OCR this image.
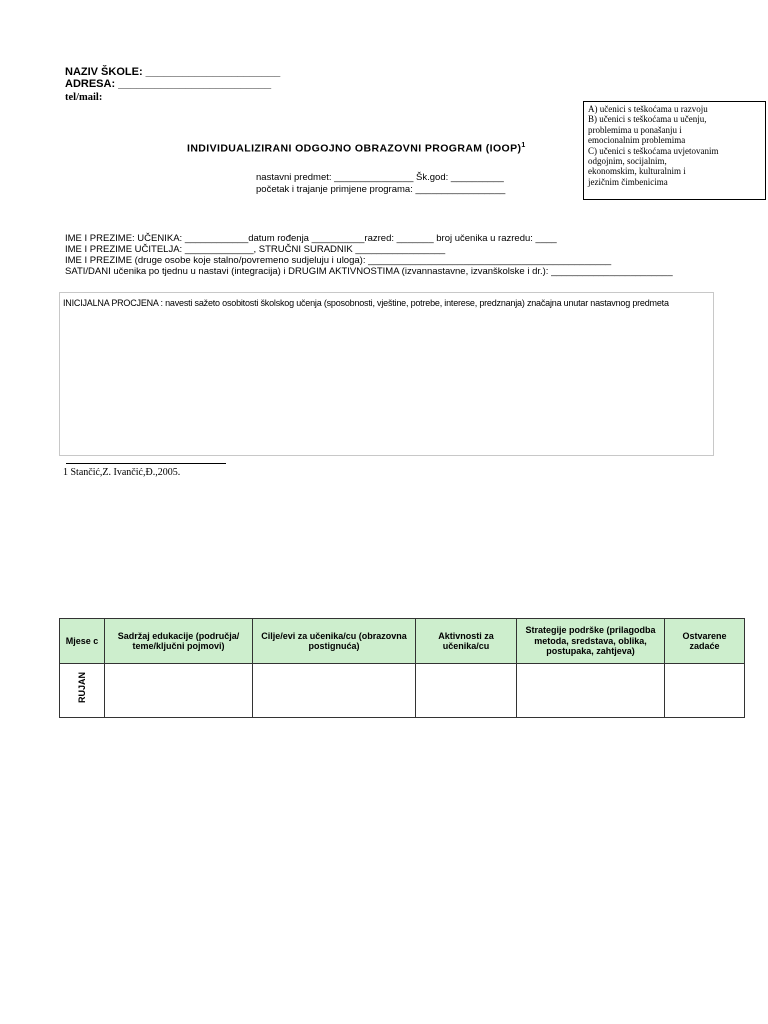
NAZIV ŠKOLE: ______________________
ADRESA: _________________________
tel/mail:
A) učenici s teškoćama u razvoju
B) učenici s teškoćama u učenju,
problemima u ponašanju i
emocionalnim problemima
C) učenici s teškoćama uvjetovanim
odgojnim, socijalnim,
ekonomskim, kulturalnim i
jezičnim čimbenicima
INDIVIDUALIZIRANI ODGOJNO OBRAZOVNI PROGRAM (IOOP)$^1$
nastavni predmet: _______________ Šk.god: __________
početak i trajanje primjene programa: _________________
IME I PREZIME: UČENIKA: ____________datum rođenja __________razred: _______ broj učenika u razredu: ____
IME I PREZIME UČITELJA: _____________, STRUČNI SURADNIK _________________
IME I PREZIME (druge osobe koje stalno/povremeno sudjeluju i uloga): ______________________________________________
SATI/DANI učenika po tjednu u nastavi (integracija) i DRUGIM AKTIVNOSTIMA (izvannastavne, izvanškolske i dr.): _______________________
INICIJALNA PROCJENA : navesti sažeto osobitosti školskog učenja (sposobnosti, vještine, potrebe, interese, predznanja) značajna unutar nastavnog predmeta
1 Stančić,Z. Ivančić,Đ.,2005.
Mjese c	Sadržaj edukacije (područja/ teme/ključni pojmovi)	Cilje/evi za učenika/cu (obrazovna postignuća)	Aktivnosti za učenika/cu	Strategije podrške (prilagodba metoda, sredstava, oblika, postupaka, zahtjeva)	Ostvarene zadaće
RUJAN					
